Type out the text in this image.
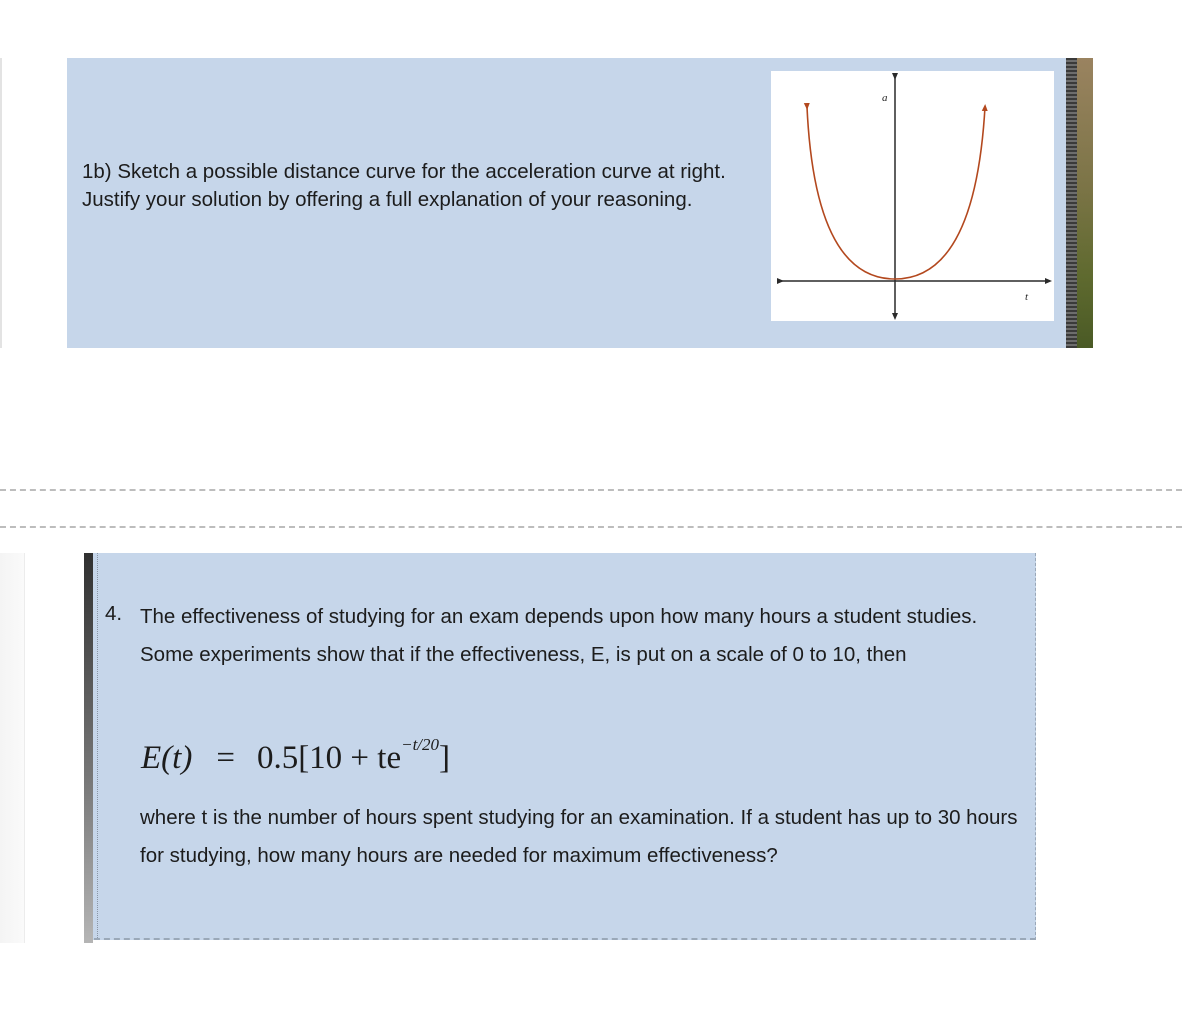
1b) Sketch a possible distance curve for the acceleration curve at right. Justify your solution by offering a full explanation of your reasoning.

a
t
4. The effectiveness of studying for an exam depends upon how many hours a student studies. Some experiments show that if the effectiveness, E, is put on a scale of 0 to 10, then

E(t) = 0.5[10 + te−t/20]

where t is the number of hours spent studying for an examination. If a student has up to 30 hours for studying, how many hours are needed for maximum effectiveness?
